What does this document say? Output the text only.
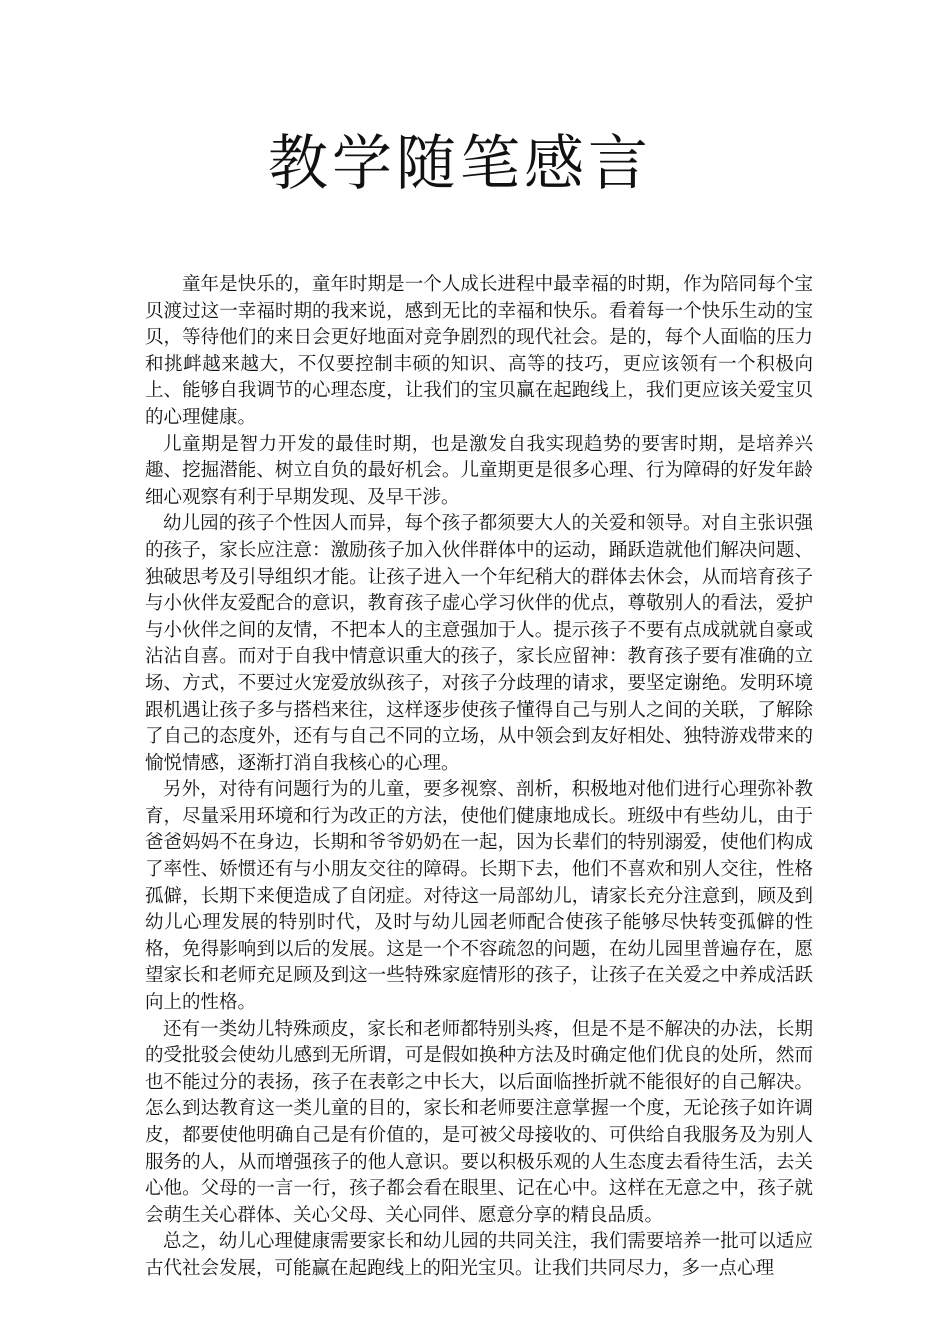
教学随笔感言

童年是快乐的，童年时期是一个人成长进程中最幸福的时期，作为陪同每个宝贝渡过这一幸福时期的我来说，感到无比的幸福和快乐。看着每一个快乐生动的宝贝，等待他们的来日会更好地面对竞争剧烈的现代社会。是的，每个人面临的压力和挑衅越来越大，不仅要控制丰硕的知识、高等的技巧，更应该领有一个积极向上、能够自我调节的心理态度，让我们的宝贝赢在起跑线上，我们更应该关爱宝贝的心理健康。

儿童期是智力开发的最佳时期，也是激发自我实现趋势的要害时期，是培养兴趣、挖掘潜能、树立自负的最好机会。儿童期更是很多心理、行为障碍的好发年龄细心观察有利于早期发现、及早干涉。

幼儿园的孩子个性因人而异，每个孩子都须要大人的关爱和领导。对自主张识强的孩子，家长应注意：激励孩子加入伙伴群体中的运动，踊跃造就他们解决问题、独破思考及引导组织才能。让孩子进入一个年纪稍大的群体去休会，从而培育孩子与小伙伴友爱配合的意识，教育孩子虚心学习伙伴的优点，尊敬别人的看法，爱护与小伙伴之间的友情，不把本人的主意强加于人。提示孩子不要有点成就就自豪或沾沾自喜。而对于自我中情意识重大的孩子，家长应留神：教育孩子要有准确的立场、方式，不要过火宠爱放纵孩子，对孩子分歧理的请求，要坚定谢绝。发明环境跟机遇让孩子多与搭档来往，这样逐步使孩子懂得自己与别人之间的关联，了解除了自己的态度外，还有与自己不同的立场，从中领会到友好相处、独特游戏带来的愉悦情感，逐渐打消自我核心的心理。

另外，对待有问题行为的儿童，要多视察、剖析，积极地对他们进行心理弥补教育，尽量采用环境和行为改正的方法，使他们健康地成长。班级中有些幼儿，由于爸爸妈妈不在身边，长期和爷爷奶奶在一起，因为长辈们的特别溺爱，使他们构成了率性、娇惯还有与小朋友交往的障碍。长期下去，他们不喜欢和别人交往，性格孤僻，长期下来便造成了自闭症。对待这一局部幼儿，请家长充分注意到，顾及到幼儿心理发展的特别时代，及时与幼儿园老师配合使孩子能够尽快转变孤僻的性格，免得影响到以后的发展。这是一个不容疏忽的问题，在幼儿园里普遍存在，愿望家长和老师充足顾及到这一些特殊家庭情形的孩子，让孩子在关爱之中养成活跃向上的性格。

还有一类幼儿特殊顽皮，家长和老师都特别头疼，但是不是不解决的办法，长期的受批驳会使幼儿感到无所谓，可是假如换种方法及时确定他们优良的处所，然而也不能过分的表扬，孩子在表彰之中长大，以后面临挫折就不能很好的自己解决。怎么到达教育这一类儿童的目的，家长和老师要注意掌握一个度，无论孩子如许调皮，都要使他明确自己是有价值的，是可被父母接收的、可供给自我服务及为别人服务的人，从而增强孩子的他人意识。要以积极乐观的人生态度去看待生活，去关心他。父母的一言一行，孩子都会看在眼里、记在心中。这样在无意之中，孩子就会萌生关心群体、关心父母、关心同伴、愿意分享的精良品质。

总之，幼儿心理健康需要家长和幼儿园的共同关注，我们需要培养一批可以适应古代社会发展，可能赢在起跑线上的阳光宝贝。让我们共同尽力，多一点心理
